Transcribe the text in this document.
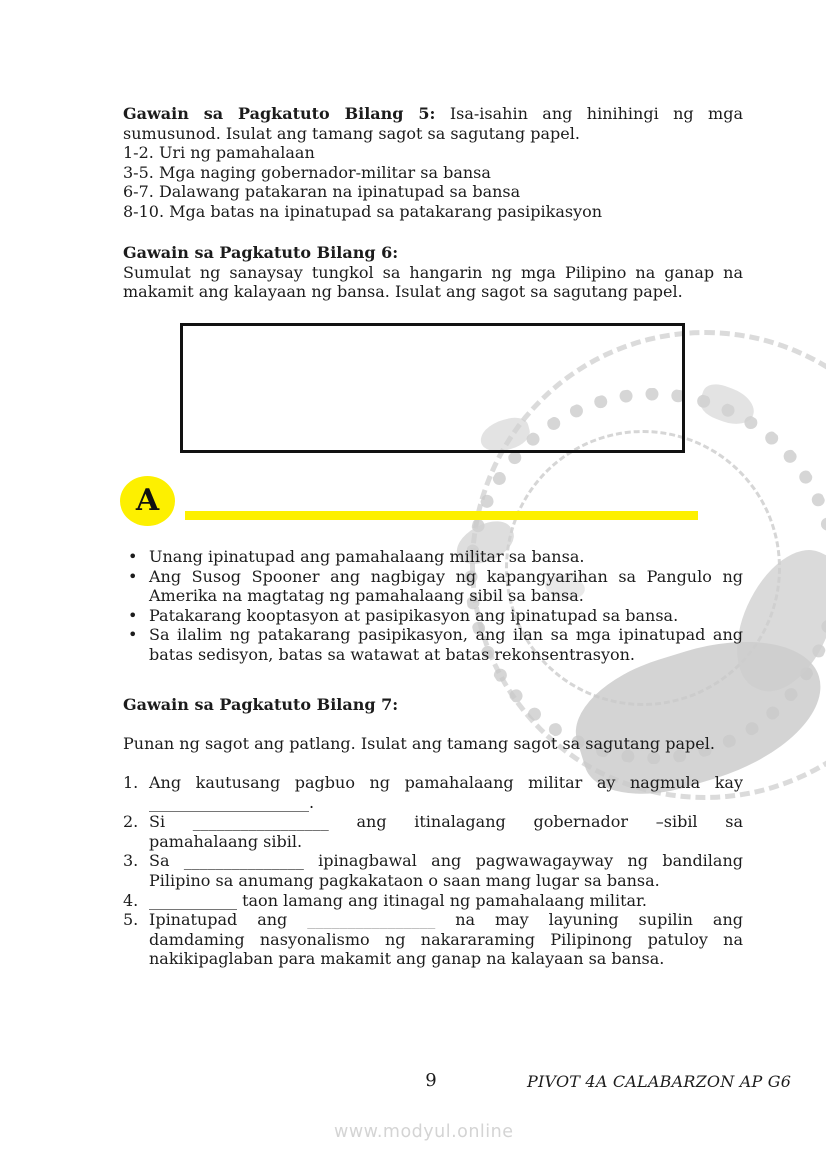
Gawain sa Pagkatuto Bilang 5: Isa-isahin ang hinihingi ng mga
sumusunod. Isulat ang tamang sagot sa sagutang papel.
1-2. Uri ng pamahalaan
3-5. Mga naging gobernador-militar sa bansa
6-7. Dalawang patakaran na ipinatupad sa bansa
8-10. Mga batas na ipinatupad sa patakarang pasipikasyon
Gawain sa Pagkatuto Bilang 6:
Sumulat ng sanaysay tungkol sa hangarin ng mga Pilipino na ganap na
makamit ang kalayaan ng bansa. Isulat ang sagot sa sagutang papel.
A
• Unang ipinatupad ang pamahalaang militar sa bansa.
• Ang Susog Spooner ang nagbigay ng kapangyarihan sa Pangulo ng
Amerika na magtatag ng pamahalaang sibil sa bansa.
• Patakarang kooptasyon at pasipikasyon ang ipinatupad sa bansa.
• Sa ilalim ng patakarang pasipikasyon, ang ilan sa mga ipinatupad ang
batas sedisyon, batas sa watawat at batas rekonsentrasyon.
Gawain sa Pagkatuto Bilang 7:
Punan ng sagot ang patlang. Isulat ang tamang sagot sa sagutang papel.
1. Ang kautusang pagbuo ng pamahalaang militar ay nagmula kay
____________________.
2. Si _________________ ang itinalagang gobernador –sibil sa
pamahalaang sibil.
3. Sa _______________ ipinagbawal ang pagwawagayway ng bandilang
Pilipino sa anumang pagkakataon o saan mang lugar sa bansa.
4. ___________ taon lamang ang itinagal ng pamahalaang militar.
5. Ipinatupad ang ________________ na may layuning supilin ang
damdaming nasyonalismo ng nakararaming Pilipinong patuloy na
nakikipaglaban para makamit ang ganap na kalayaan sa bansa.
9	PIVOT 4A CALABARZON AP G6
www.modyul.online
